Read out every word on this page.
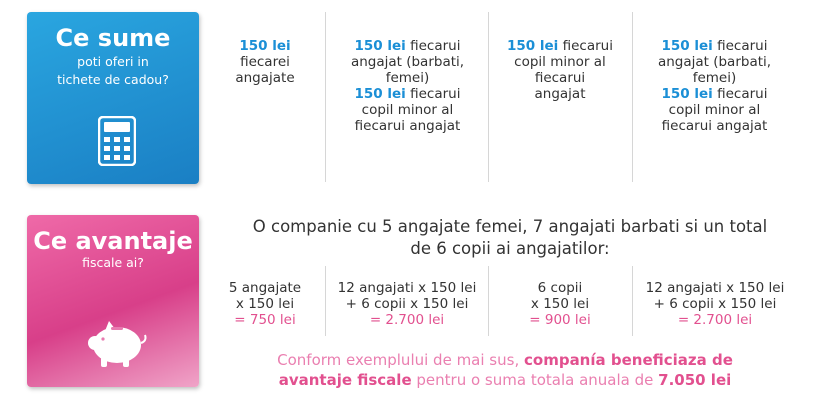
Ce sume
poti oferi in
tichete de cadou?
150 lei
fiecarei
angajate
150 lei fiecarui
angajat (barbati,
femei)
150 lei fiecarui
copil minor al
fiecarui angajat
150 lei fiecarui
copil minor al
fiecarui
angajat
150 lei fiecarui
angajat (barbati,
femei)
150 lei fiecarui
copil minor al
fiecarui angajat
Ce avantaje
fiscale ai?
O companie cu 5 angajate femei, 7 angajati barbati si un total
de 6 copii ai angajatilor:
5 angajate
x 150 lei
= 750 lei
12 angajati x 150 lei
+ 6 copii x 150 lei
= 2.700 lei
6 copii
x 150 lei
= 900 lei
12 angajati x 150 lei
+ 6 copii x 150 lei
= 2.700 lei
Conform exemplului de mai sus, companía beneficiaza de
avantaje fiscale pentru o suma totala anuala de 7.050 lei
